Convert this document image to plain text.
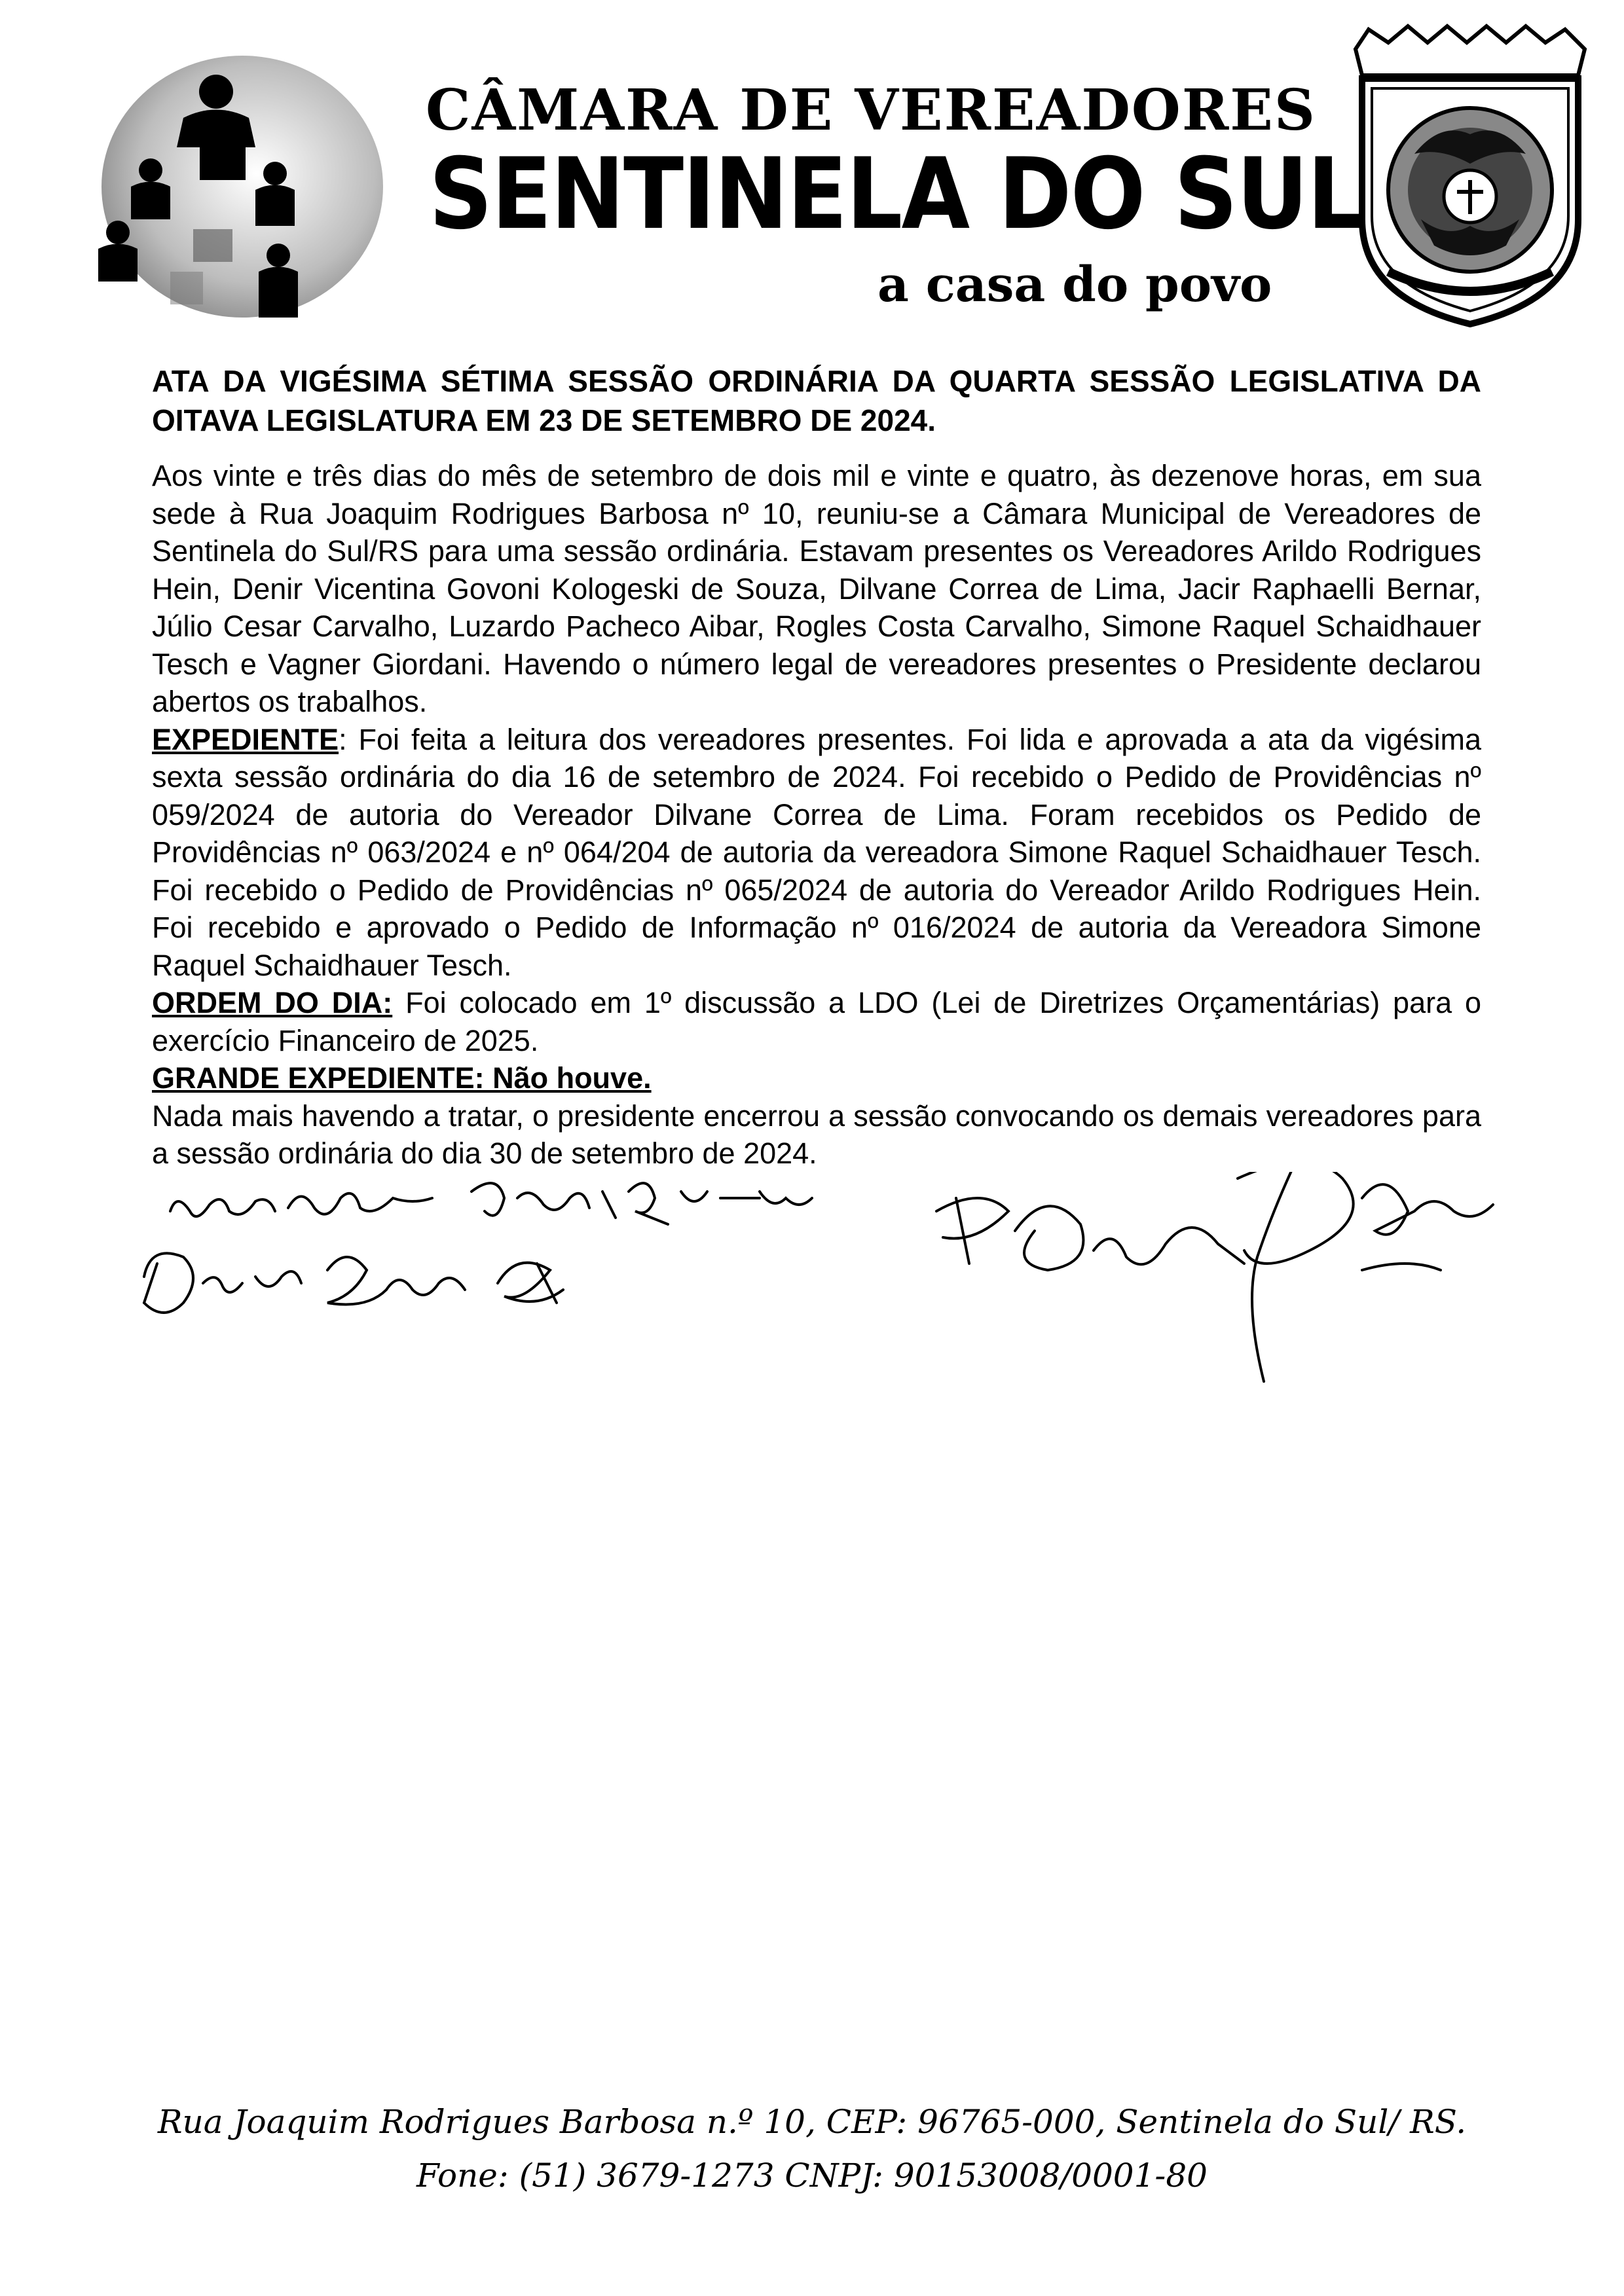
CÂMARA DE VEREADORES
SENTINELA DO SUL
a casa do povo
ATA DA VIGÉSIMA SÉTIMA SESSÃO ORDINÁRIA DA QUARTA SESSÃO LEGISLATIVA DA OITAVA LEGISLATURA EM 23 DE SETEMBRO DE 2024.

Aos vinte e três dias do mês de setembro de dois mil e vinte e quatro, às dezenove horas, em sua sede à Rua Joaquim Rodrigues Barbosa nº 10, reuniu-se a Câmara Municipal de Vereadores de Sentinela do Sul/RS para uma sessão ordinária. Estavam presentes os Vereadores Arildo Rodrigues Hein, Denir Vicentina Govoni Kologeski de Souza, Dilvane Correa de Lima, Jacir Raphaelli Bernar, Júlio Cesar Carvalho, Luzardo Pacheco Aibar, Rogles Costa Carvalho, Simone Raquel Schaidhauer Tesch e Vagner Giordani. Havendo o número legal de vereadores presentes o Presidente declarou abertos os trabalhos.

EXPEDIENTE: Foi feita a leitura dos vereadores presentes. Foi lida e aprovada a ata da vigésima sexta sessão ordinária do dia 16 de setembro de 2024. Foi recebido o Pedido de Providências nº 059/2024 de autoria do Vereador Dilvane Correa de Lima. Foram recebidos os Pedido de Providências nº 063/2024 e nº 064/204 de autoria da vereadora Simone Raquel Schaidhauer Tesch. Foi recebido o Pedido de Providências nº 065/2024 de autoria do Vereador Arildo Rodrigues Hein. Foi recebido e aprovado o Pedido de Informação nº 016/2024 de autoria da Vereadora Simone Raquel Schaidhauer Tesch.

ORDEM DO DIA: Foi colocado em 1º discussão a LDO (Lei de Diretrizes Orçamentárias) para o exercício Financeiro de 2025.

GRANDE EXPEDIENTE: Não houve.

Nada mais havendo a tratar, o presidente encerrou a sessão convocando os demais vereadores para a sessão ordinária do dia 30 de setembro de 2024.

Rua Joaquim Rodrigues Barbosa n.º 10, CEP: 96765-000, Sentinela do Sul/ RS.
Fone: (51) 3679-1273 CNPJ: 90153008/0001-80
